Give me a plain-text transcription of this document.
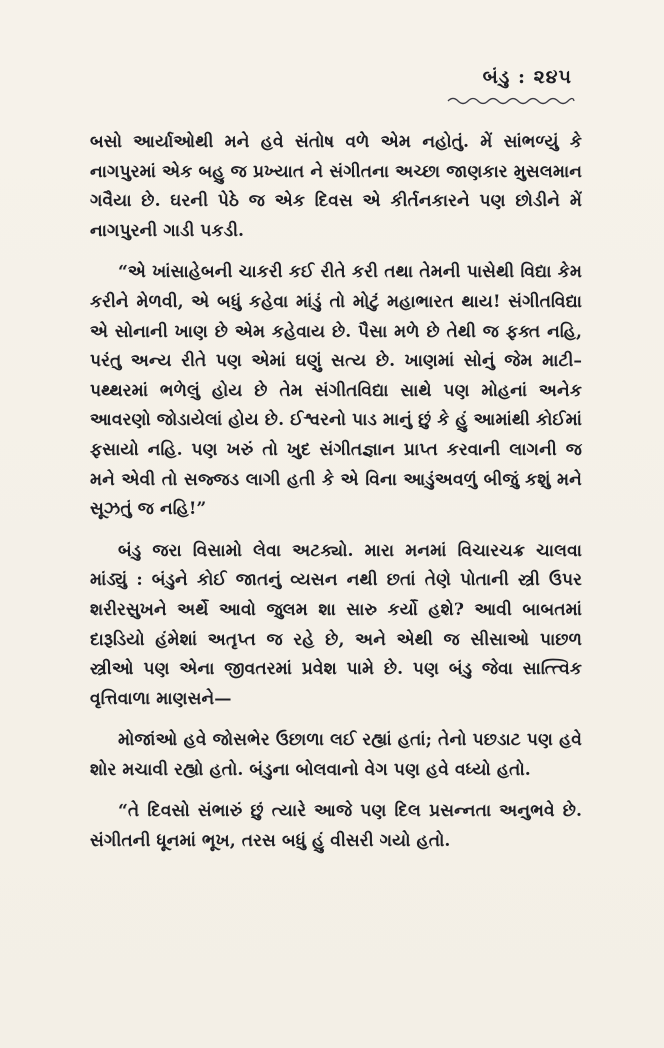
બંડુ : ૨૪૫

બસો આર્યાઓથી મને હવે સંતોષ વળે એમ નહોતું. મેં સાંભળ્યું કે નાગપુરમાં એક બહુ જ પ્રખ્યાત ને સંગીતના અચ્છા જાણકાર મુસલમાન ગવૈયા છે. ઘરની પેઠે જ એક દિવસ એ કીર્તનકારને પણ છોડીને મેં નાગપુરની ગાડી પકડી.

“એ ખાંસાહેબની ચાકરી કઈ રીતે કરી તથા તેમની પાસેથી વિદ્યા કેમ કરીને મેળવી, એ બધું કહેવા માંડું તો મોટું મહાભારત થાય! સંગીતવિદ્યા એ સોનાની ખાણ છે એમ કહેવાય છે. પૈસા મળે છે તેથી જ ફક્ત નહિ, પરંતુ અન્ય રીતે પણ એમાં ઘણું સત્ય છે. ખાણમાં સોનું જેમ માટી–પથ્થરમાં ભળેલું હોય છે તેમ સંગીતવિદ્યા સાથે પણ મોહનાં અનેક આવરણો જોડાયેલાં હોય છે. ઈશ્વરનો પાડ માનું છું કે હું આમાંથી કોઈમાં ફસાયો નહિ. પણ ખરું તો ખુદ સંગીતજ્ઞાન પ્રાપ્ત કરવાની લાગની જ મને એવી તો સજ્જડ લાગી હતી કે એ વિના આડુંઅવળું બીજું કશું મને સૂઝતું જ નહિ!”

બંડુ જરા વિસામો લેવા અટક્યો. મારા મનમાં વિચારચક્ર ચાલવા માંડ્યું : બંડુને કોઈ જાતનું વ્યસન નથી છતાં તેણે પોતાની સ્ત્રી ઉપર શરીરસુખને અર્થે આવો જુલમ શા સારુ કર્યો હશે? આવી બાબતમાં દારૂડિયો હંમેશાં અતૃપ્ત જ રહે છે, અને એથી જ સીસાઓ પાછળ સ્ત્રીઓ પણ એના જીવતરમાં પ્રવેશ પામે છે. પણ બંડુ જેવા સાત્ત્વિક વૃત્તિવાળા માણસને—

મોજાંઓ હવે જોસભેર ઉછાળા લઈ રહ્યાં હતાં; તેનો પછડાટ પણ હવે શોર મચાવી રહ્યો હતો. બંડુના બોલવાનો વેગ પણ હવે વધ્યો હતો.

“તે દિવસો સંભારું છું ત્યારે આજે પણ દિલ પ્રસન્નતા અનુભવે છે. સંગીતની ધૂનમાં ભૂખ, તરસ બધું હું વીસરી ગયો હતો.
